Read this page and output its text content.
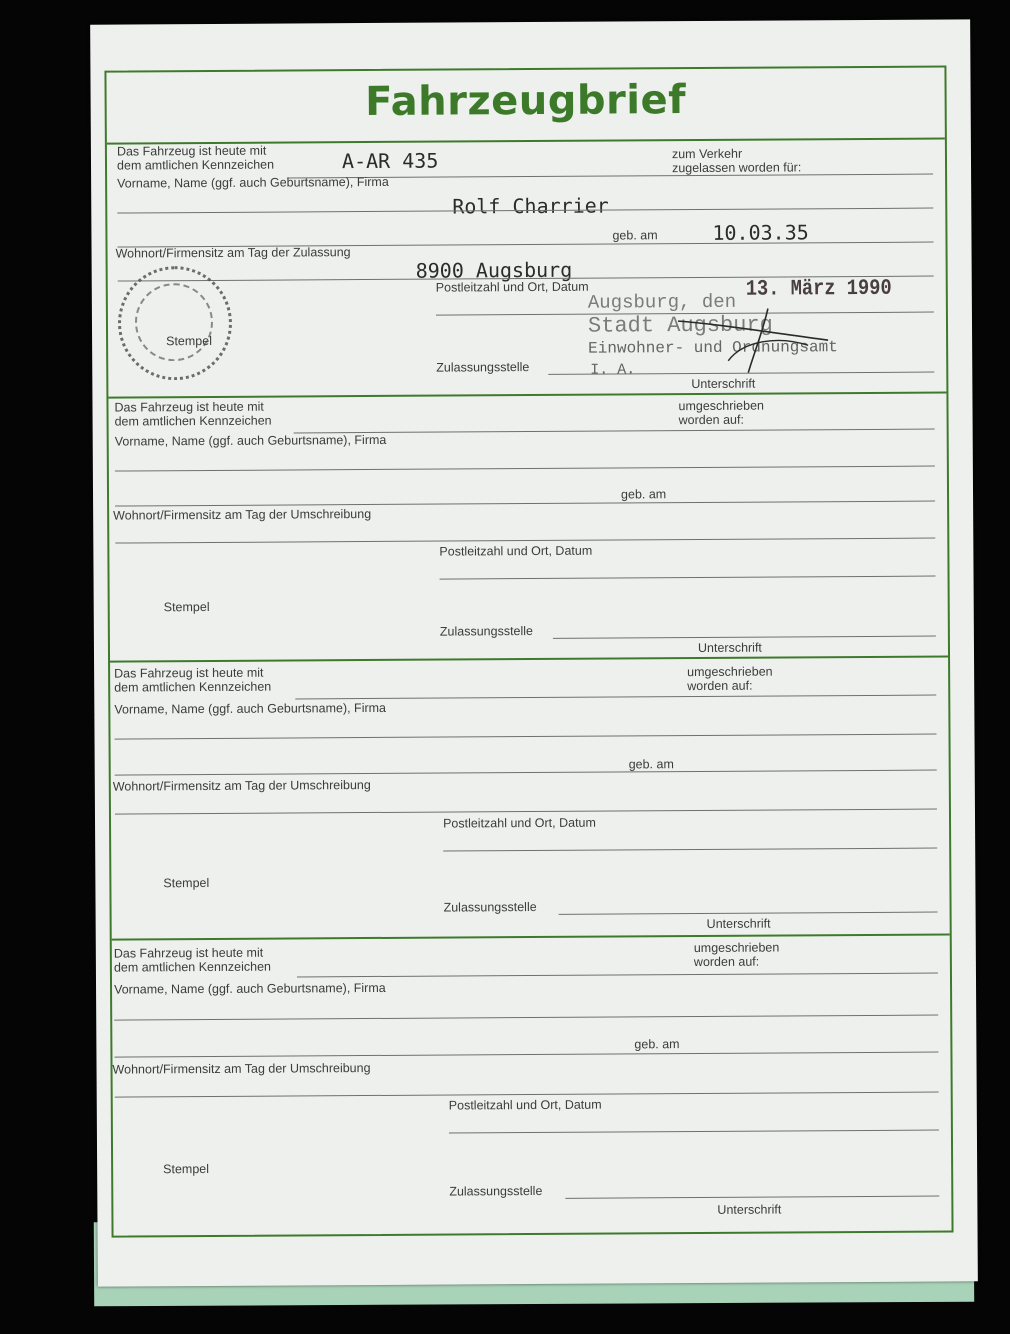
Fahrzeugbrief
Das Fahrzeug ist heute mit
dem amtlichen Kennzeichen	A-AR 435	zum Verkehr
zugelassen worden für:
Vorname, Name (ggf. auch Geburtsname), Firma
Rolf Charrier
geb. am	10.03.35
Wohnort/Firmensitz am Tag der Zulassung
8900 Augsburg
Postleitzahl und Ort, Datum
Stempel
Augsburg, den
13. März 1990
Stadt Augsburg
Einwohner- und Ordnungsamt
I. A.
Zulassungsstelle
Unterschrift
Das Fahrzeug ist heute mit
dem amtlichen Kennzeichen
umgeschrieben
worden auf:
Vorname, Name (ggf. auch Geburtsname), Firma
geb. am
Wohnort/Firmensitz am Tag der Umschreibung
Postleitzahl und Ort, Datum
Stempel
Zulassungsstelle
Unterschrift
Das Fahrzeug ist heute mit
dem amtlichen Kennzeichen
umgeschrieben
worden auf:
Vorname, Name (ggf. auch Geburtsname), Firma
geb. am
Wohnort/Firmensitz am Tag der Umschreibung
Postleitzahl und Ort, Datum
Stempel
Zulassungsstelle
Unterschrift
Das Fahrzeug ist heute mit
dem amtlichen Kennzeichen
umgeschrieben
worden auf:
Vorname, Name (ggf. auch Geburtsname), Firma
geb. am
Wohnort/Firmensitz am Tag der Umschreibung
Postleitzahl und Ort, Datum
Stempel
Zulassungsstelle
Unterschrift
